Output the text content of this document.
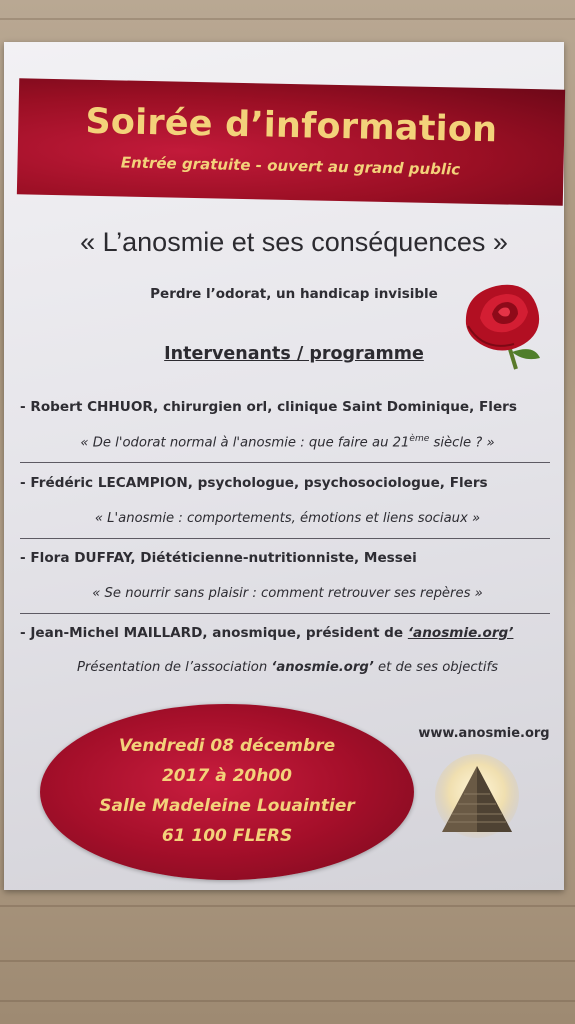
Soirée d’information
Entrée gratuite - ouvert au grand public
« L’anosmie et ses conséquences »
Perdre l’odorat, un handicap invisible
Intervenants / programme
- Robert CHHUOR, chirurgien orl, clinique Saint Dominique, Flers
« De l'odorat normal à l'anosmie : que faire au 21ème siècle ? »
- Frédéric LECAMPION, psychologue, psychosociologue, Flers
« L'anosmie : comportements, émotions et liens sociaux »
- Flora DUFFAY, Diététicienne-nutritionniste, Messei
« Se nourrir sans plaisir : comment retrouver ses repères »
- Jean-Michel MAILLARD, anosmique, président de ‘anosmie.org’
Présentation de l’association ‘anosmie.org’ et de ses objectifs
Vendredi 08 décembre
2017 à 20h00
Salle Madeleine Louaintier
61 100 FLERS
www.anosmie.org
